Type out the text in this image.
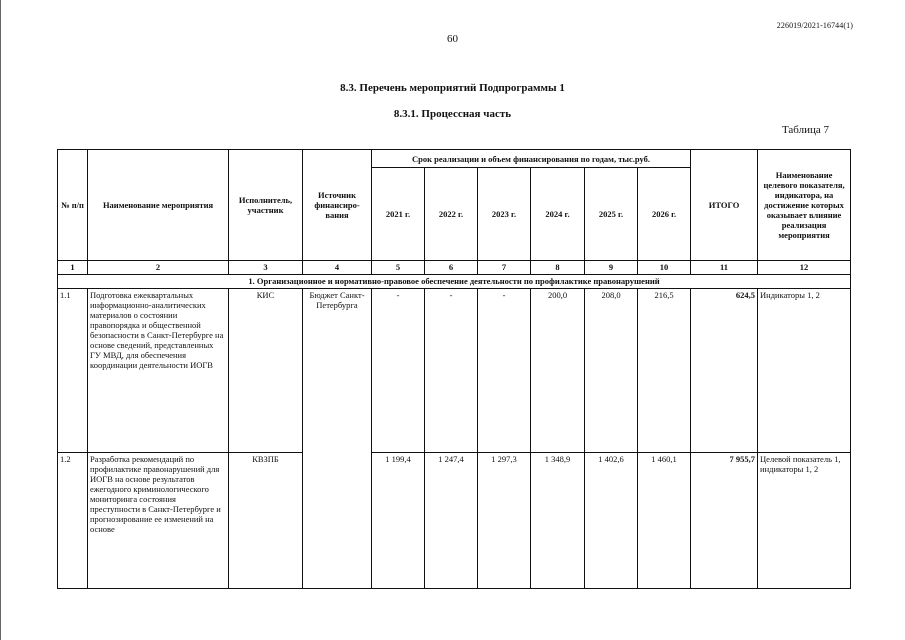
226019/2021-16744(1)
60
8.3. Перечень мероприятий Подпрограммы 1
8.3.1. Процессная часть
Таблица 7
№ п/п	Наименование мероприятия	Исполнитель, участник	Источник финансиро-вания	Срок реализации и объем финансирования по годам, тыс.руб.						ИТОГО	Наименование целевого показателя, индикатора, на достижение которых оказывает влияние реализация мероприятия
				2021 г.	2022 г.	2023 г.	2024 г.	2025 г.	2026 г.		
1	2	3	4	5	6	7	8	9	10	11	12
1. Организационное и нормативно-правовое обеспечение деятельности по профилактике правонарушений											
1.1	Подготовка ежеквартальных информационно-аналитических материалов о состоянии правопорядка и общественной безопасности в Санкт-Петербурге на основе сведений, представленных ГУ МВД, для обеспечения координации деятельности ИОГВ	КИС	Бюджет Санкт-Петербурга	-	-	-	200,0	208,0	216,5	624,5	Индикаторы 1, 2
1.2	Разработка рекомендаций по профилактике правонарушений для ИОГВ на основе результатов ежегодного криминологического мониторинга состояния преступности в Санкт-Петербурге и прогнозирование ее изменений на основе	КВЗПБ		1 199,4	1 247,4	1 297,3	1 348,9	1 402,6	1 460,1	7 955,7	Целевой показатель 1, индикаторы 1, 2
